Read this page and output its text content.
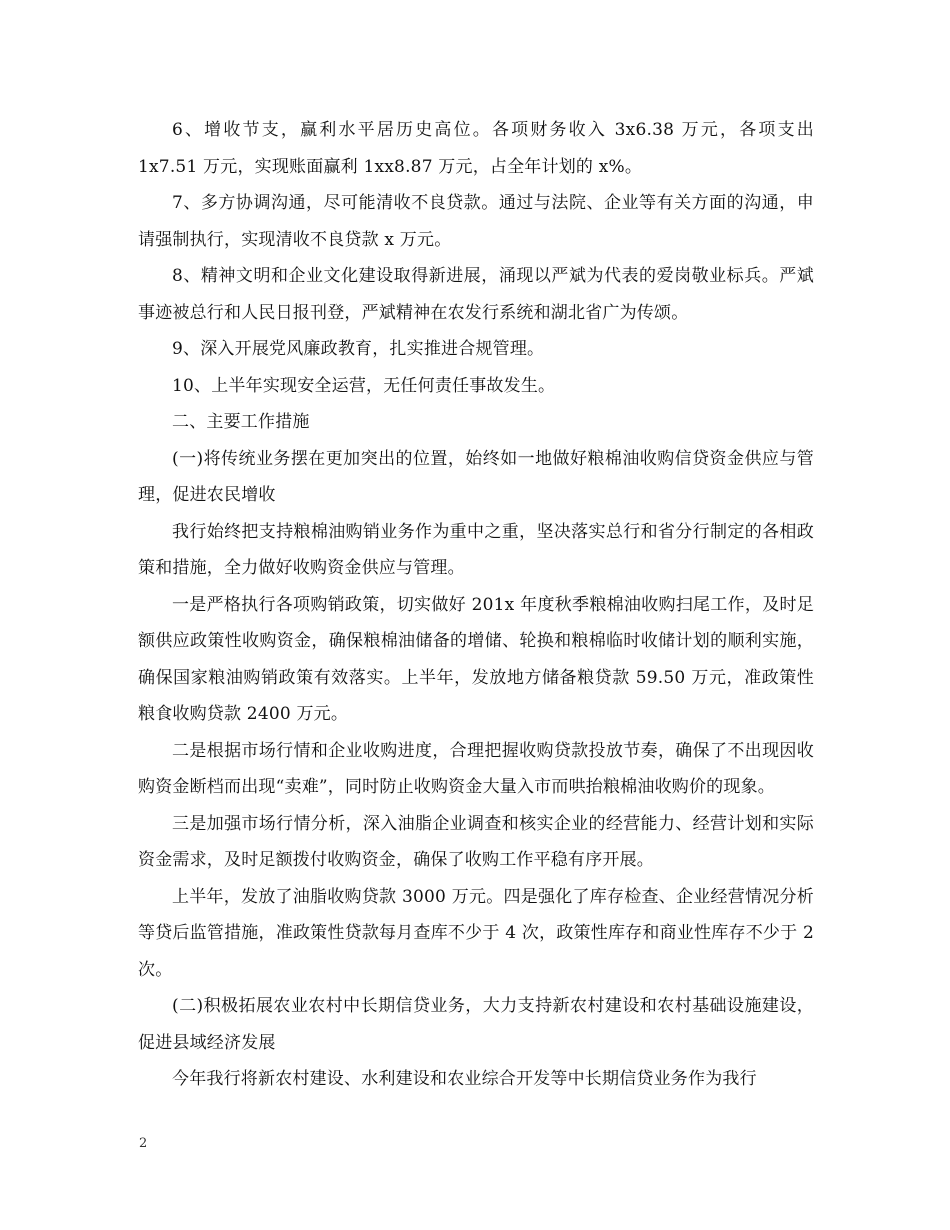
6、增收节支，赢利水平居历史高位。各项财务收入 3x6.38 万元，各项支出 1x7.51 万元，实现账面赢利 1xx8.87 万元，占全年计划的 x%。

7、多方协调沟通，尽可能清收不良贷款。通过与法院、企业等有关方面的沟通，申请强制执行，实现清收不良贷款 x 万元。

8、精神文明和企业文化建设取得新进展，涌现以严斌为代表的爱岗敬业标兵。严斌事迹被总行和人民日报刊登，严斌精神在农发行系统和湖北省广为传颂。

9、深入开展党风廉政教育，扎实推进合规管理。

10、上半年实现安全运营，无任何责任事故发生。

二、主要工作措施

(一)将传统业务摆在更加突出的位置，始终如一地做好粮棉油收购信贷资金供应与管理，促进农民增收

我行始终把支持粮棉油购销业务作为重中之重，坚决落实总行和省分行制定的各相政策和措施，全力做好收购资金供应与管理。

一是严格执行各项购销政策，切实做好 201x 年度秋季粮棉油收购扫尾工作，及时足额供应政策性收购资金，确保粮棉油储备的增储、轮换和粮棉临时收储计划的顺利实施，确保国家粮油购销政策有效落实。上半年，发放地方储备粮贷款 59.50 万元，准政策性粮食收购贷款 2400 万元。

二是根据市场行情和企业收购进度，合理把握收购贷款投放节奏，确保了不出现因收购资金断档而出现“卖难”，同时防止收购资金大量入市而哄抬粮棉油收购价的现象。

三是加强市场行情分析，深入油脂企业调查和核实企业的经营能力、经营计划和实际资金需求，及时足额拨付收购资金，确保了收购工作平稳有序开展。

上半年，发放了油脂收购贷款 3000 万元。四是强化了库存检查、企业经营情况分析等贷后监管措施，准政策性贷款每月查库不少于 4 次，政策性库存和商业性库存不少于 2 次。

(二)积极拓展农业农村中长期信贷业务，大力支持新农村建设和农村基础设施建设，促进县域经济发展

今年我行将新农村建设、水利建设和农业综合开发等中长期信贷业务作为我行

2
